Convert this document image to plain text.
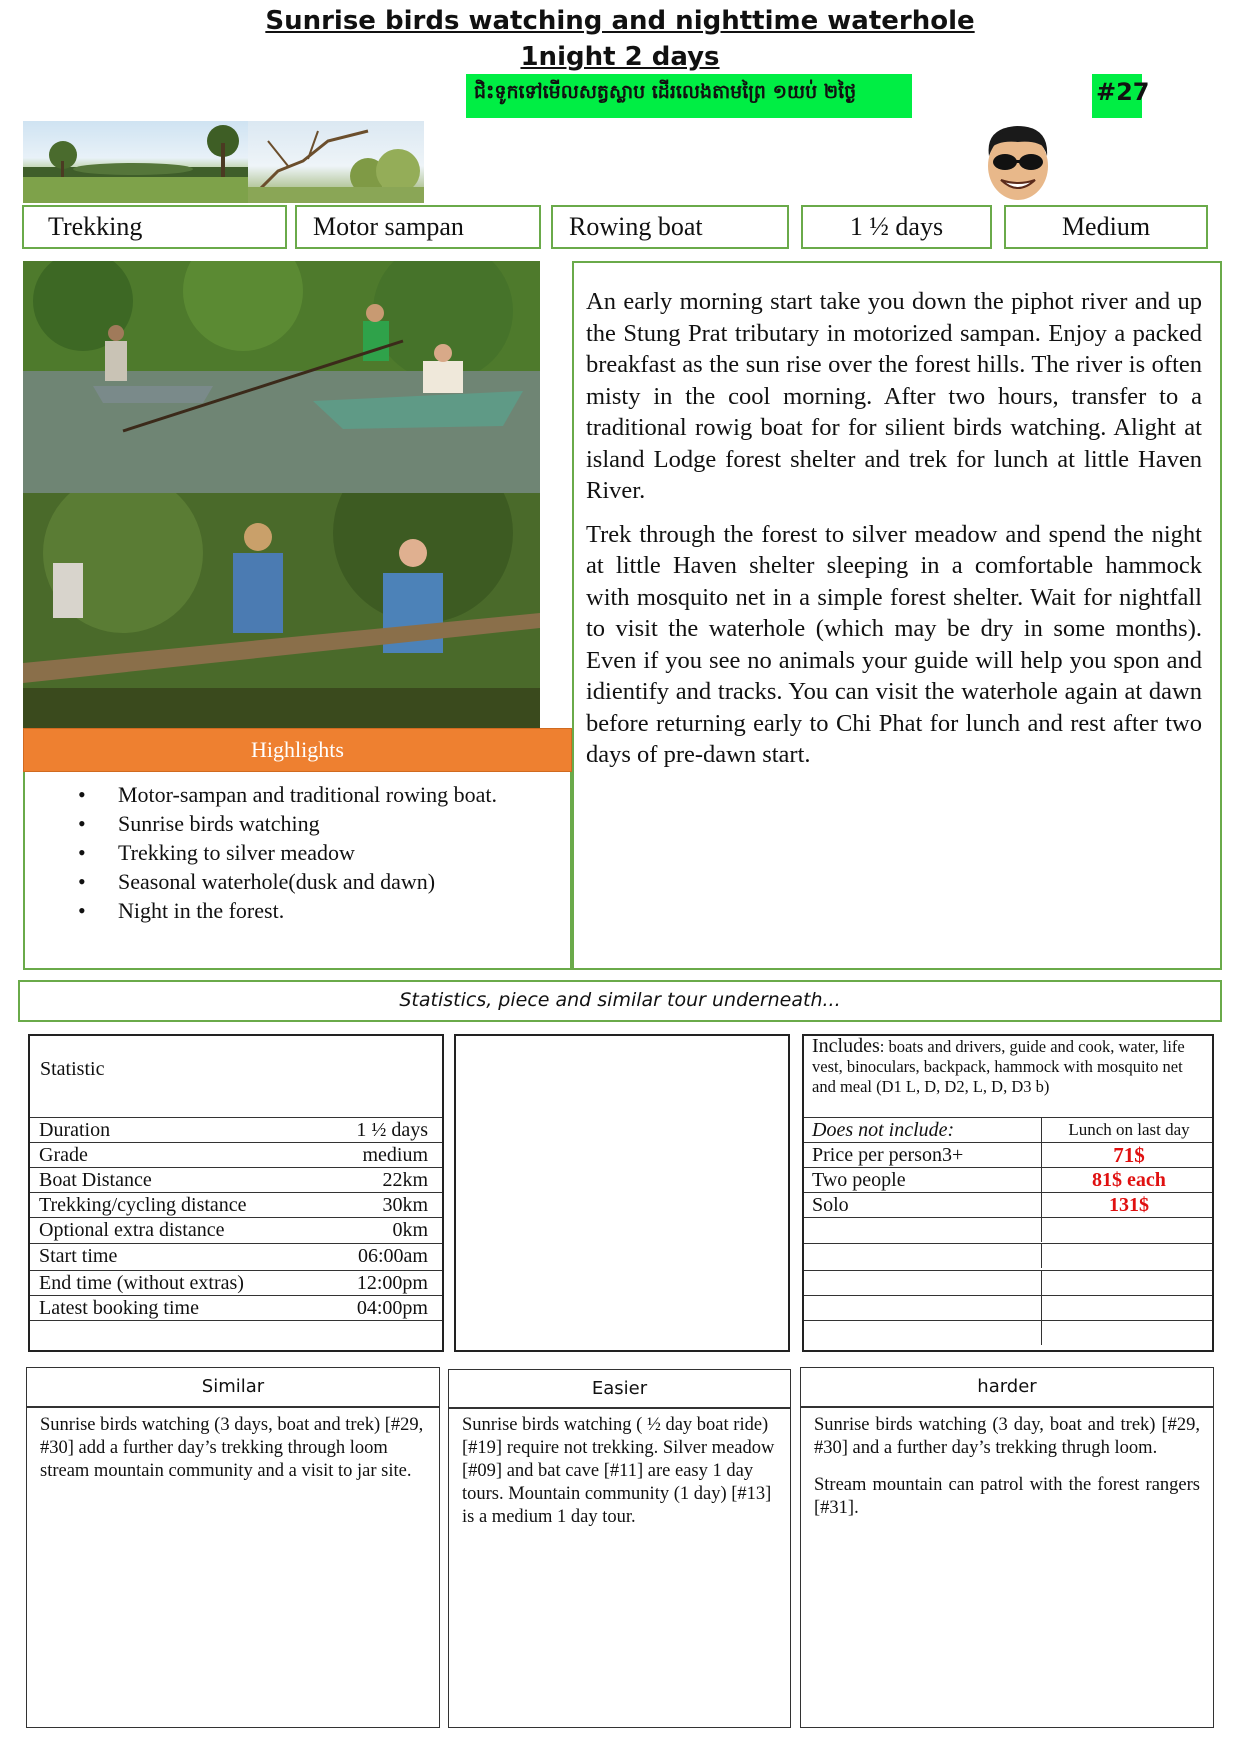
Sunrise birds watching and nighttime waterhole
1night 2 days
ជិះទូកទៅមើលសត្វស្លាប ដើរលេងតាមព្រៃ ១យប់ ២ថ្ងៃ	#27
Trekking	Motor sampan	Rowing boat	1 ½ days	Medium
Highlights
• Motor-sampan and traditional rowing boat.
• Sunrise birds watching
• Trekking to silver meadow
• Seasonal waterhole(dusk and dawn)
• Night in the forest.

An early morning start take you down the piphot river and up the Stung Prat tributary in motorized sampan. Enjoy a packed breakfast as the sun rise over the forest hills. The river is often misty in the cool morning. After two hours, transfer to a traditional rowig boat for for silient birds watching. Alight at island Lodge forest shelter and trek for lunch at little Haven River.

Trek through the forest to silver meadow and spend the night at little Haven shelter sleeping in a comfortable hammock with mosquito net in a simple forest shelter. Wait for nightfall to visit the waterhole (which may be dry in some months). Even if you see no animals your guide will help you spon and idientify and tracks. You can visit the waterhole again at dawn before returning early to Chi Phat for lunch and rest after two days of pre-dawn start.

Statistics, piece and similar tour underneath...
Statistic
Duration	1 ½ days
Grade	medium
Boat Distance	22km
Trekking/cycling distance	30km
Optional extra distance	0km
Start time	06:00am
End time (without extras)	12:00pm
Latest booking time	04:00pm
Includes: boats and drivers, guide and cook, water, life vest, binoculars, backpack, hammock with mosquito net and meal (D1 L, D, D2, L, D, D3 b)
Does not include:	Lunch on last day
Price per person3+	71$
Two people	81$ each
Solo	131$
Similar

Sunrise birds watching (3 days, boat and trek) [#29, #30] add a further day’s trekking through loom stream mountain community and a visit to jar site.

Easier

Sunrise birds watching ( ½ day boat ride) [#19] require not trekking. Silver meadow [#09] and bat cave [#11] are easy 1 day tours. Mountain community (1 day) [#13] is a medium 1 day tour.

harder

Sunrise birds watching (3 day, boat and trek) [#29, #30] and a further day’s trekking thrugh loom.

Stream mountain can patrol with the forest rangers [#31].
